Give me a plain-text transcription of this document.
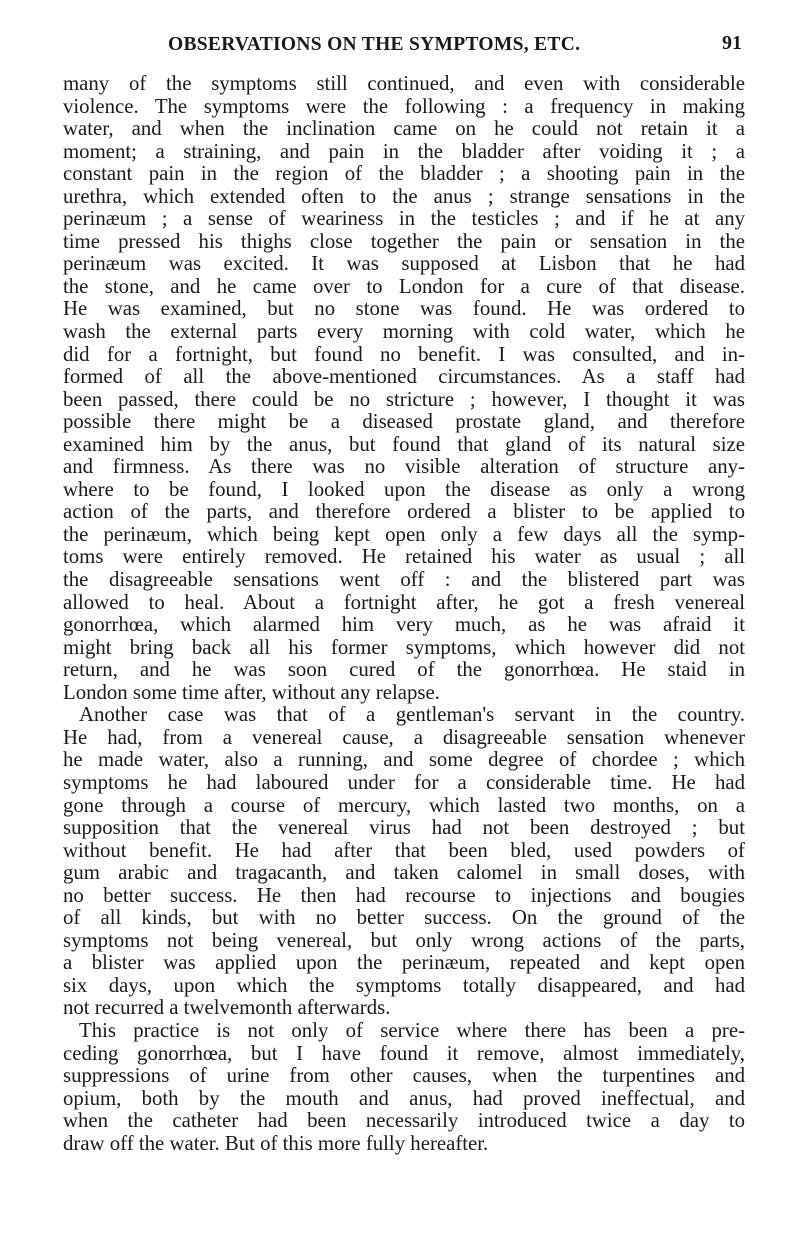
OBSERVATIONS ON THE SYMPTOMS, ETC.	91
many of the symptoms still continued, and even with considerable
violence. The symptoms were the following : a frequency in making
water, and when the inclination came on he could not retain it a
moment; a straining, and pain in the bladder after voiding it ; a
constant pain in the region of the bladder ; a shooting pain in the
urethra, which extended often to the anus ; strange sensations in the
perinæum ; a sense of weariness in the testicles ; and if he at any
time pressed his thighs close together the pain or sensation in the
perinæum was excited. It was supposed at Lisbon that he had
the stone, and he came over to London for a cure of that disease.
He was examined, but no stone was found. He was ordered to
wash the external parts every morning with cold water, which he
did for a fortnight, but found no benefit. I was consulted, and in-
formed of all the above-mentioned circumstances. As a staff had
been passed, there could be no stricture ; however, I thought it was
possible there might be a diseased prostate gland, and therefore
examined him by the anus, but found that gland of its natural size
and firmness. As there was no visible alteration of structure any-
where to be found, I looked upon the disease as only a wrong
action of the parts, and therefore ordered a blister to be applied to
the perinæum, which being kept open only a few days all the symp-
toms were entirely removed. He retained his water as usual ; all
the disagreeable sensations went off : and the blistered part was
allowed to heal. About a fortnight after, he got a fresh venereal
gonorrhœa, which alarmed him very much, as he was afraid it
might bring back all his former symptoms, which however did not
return, and he was soon cured of the gonorrhœa. He staid in
London some time after, without any relapse.
Another case was that of a gentleman's servant in the country.
He had, from a venereal cause, a disagreeable sensation whenever
he made water, also a running, and some degree of chordee ; which
symptoms he had laboured under for a considerable time. He had
gone through a course of mercury, which lasted two months, on a
supposition that the venereal virus had not been destroyed ; but
without benefit. He had after that been bled, used powders of
gum arabic and tragacanth, and taken calomel in small doses, with
no better success. He then had recourse to injections and bougies
of all kinds, but with no better success. On the ground of the
symptoms not being venereal, but only wrong actions of the parts,
a blister was applied upon the perinæum, repeated and kept open
six days, upon which the symptoms totally disappeared, and had
not recurred a twelvemonth afterwards.
This practice is not only of service where there has been a pre-
ceding gonorrhœa, but I have found it remove, almost immediately,
suppressions of urine from other causes, when the turpentines and
opium, both by the mouth and anus, had proved ineffectual, and
when the catheter had been necessarily introduced twice a day to
draw off the water. But of this more fully hereafter.
